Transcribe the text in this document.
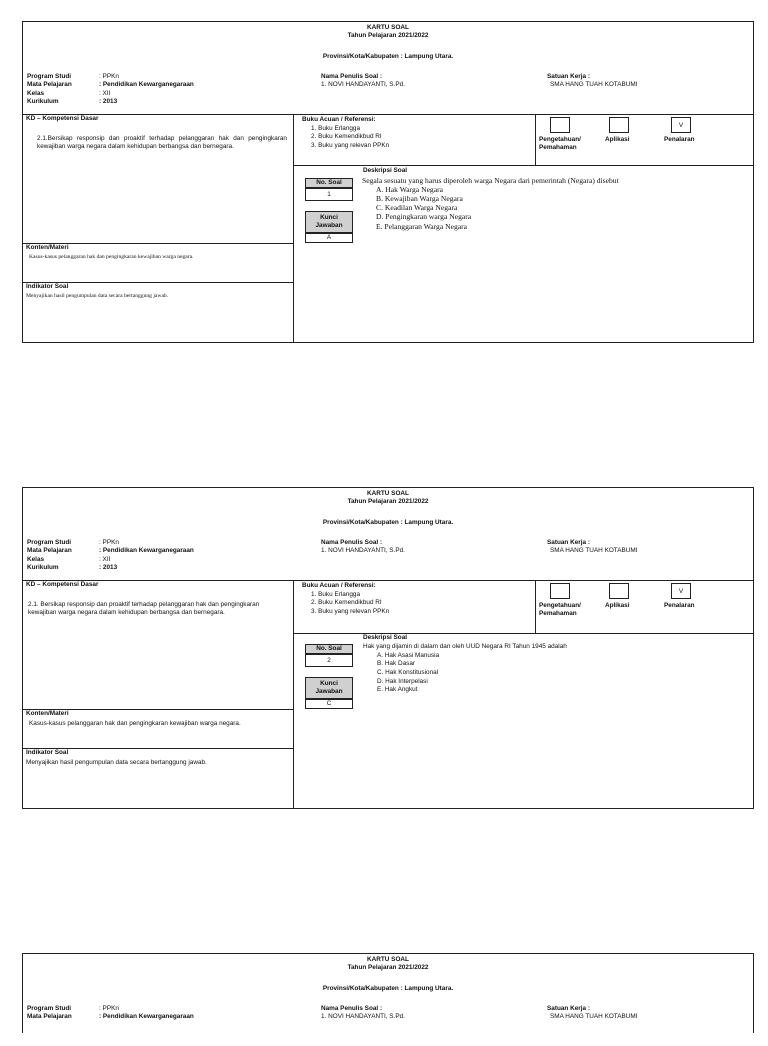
KARTU SOAL
Tahun Pelajaran 2021/2022
Provinsi/Kota/Kabupaten : Lampung Utara.
Program Studi	: PPKn
Mata Pelajaran	: Pendidikan Kewarganegaraan
Kelas	: XII
Kurikulum	: 2013
Nama Penulis Soal :
1. NOVI HANDAYANTI, S.Pd.
Satuan Kerja :
SMA HANG TUAH KOTABUMI
KD – Kompetensi Dasar
2.1.Bersikap responsip dan proaktif terhadap pelanggaran hak dan pengingkaran kewajiban warga negara dalam kehidupan berbangsa dan bernegara.
Buku Acuan / Referensi:
1. Buku Erlangga
2. Buku Kemendikbud RI
3. Buku yang relevan PPKn
V
Pengetahuan/ Pemahaman
Aplikasi	Penalaran
Deskripsi Soal
No. Soal
1
Kunci Jawaban
A
Segala sesuatu yang harus diperoleh warga Negara dari pemerintah (Negara) disebut
A. Hak Warga Negara
B. Kewajiban Warga Negara
C. Keadilan Warga Negara
D. Pengingkaran warga Negara
E. Pelanggaran Warga Negara
Konten/Materi
Kasus-kasus pelanggaran hak dan pengingkaran kewajiban warga negara.
Indikator Soal
Menyajikan hasil pengumpulan data secara bertanggung jawab.
KARTU SOAL
Tahun Pelajaran 2021/2022
Provinsi/Kota/Kabupaten : Lampung Utara.
Program Studi	: PPKn
Mata Pelajaran	: Pendidikan Kewarganegaraan
Kelas	: XII
Kurikulum	: 2013
Nama Penulis Soal :
1. NOVI HANDAYANTI, S.Pd.
Satuan Kerja :
SMA HANG TUAH KOTABUMI
KD – Kompetensi Dasar
2.1. Bersikap responsip dan proaktif terhadap pelanggaran hak dan pengingkaran kewajiban warga negara dalam kehidupan berbangsa dan bernegara.
Buku Acuan / Referensi:
1. Buku Erlangga
2. Buku Kemendikbud RI
3. Buku yang relevan PPKn
V
Pengetahuan/ Pemahaman
Aplikasi	Penalaran
Deskripsi Soal
No. Soal
2
Kunci Jawaban
C
Hak yang dijamin di dalam dan oleh UUD Negara RI Tahun 1945 adalah
A. Hak Asasi Manusia
B. Hak Dasar
C. Hak Konstitusional
D. Hak Interpelasi
E. Hak Angkut
Konten/Materi
Kasus-kasus pelanggaran hak dan pengingkaran kewajiban warga negara.
Indikator Soal
Menyajikan hasil pengumpulan data secara bertanggung jawab.
KARTU SOAL
Tahun Pelajaran 2021/2022
Provinsi/Kota/Kabupaten : Lampung Utara.
Program Studi	: PPKn
Mata Pelajaran	: Pendidikan Kewarganegaraan
Nama Penulis Soal :
1. NOVI HANDAYANTI, S.Pd.
Satuan Kerja :
SMA HANG TUAH KOTABUMI
